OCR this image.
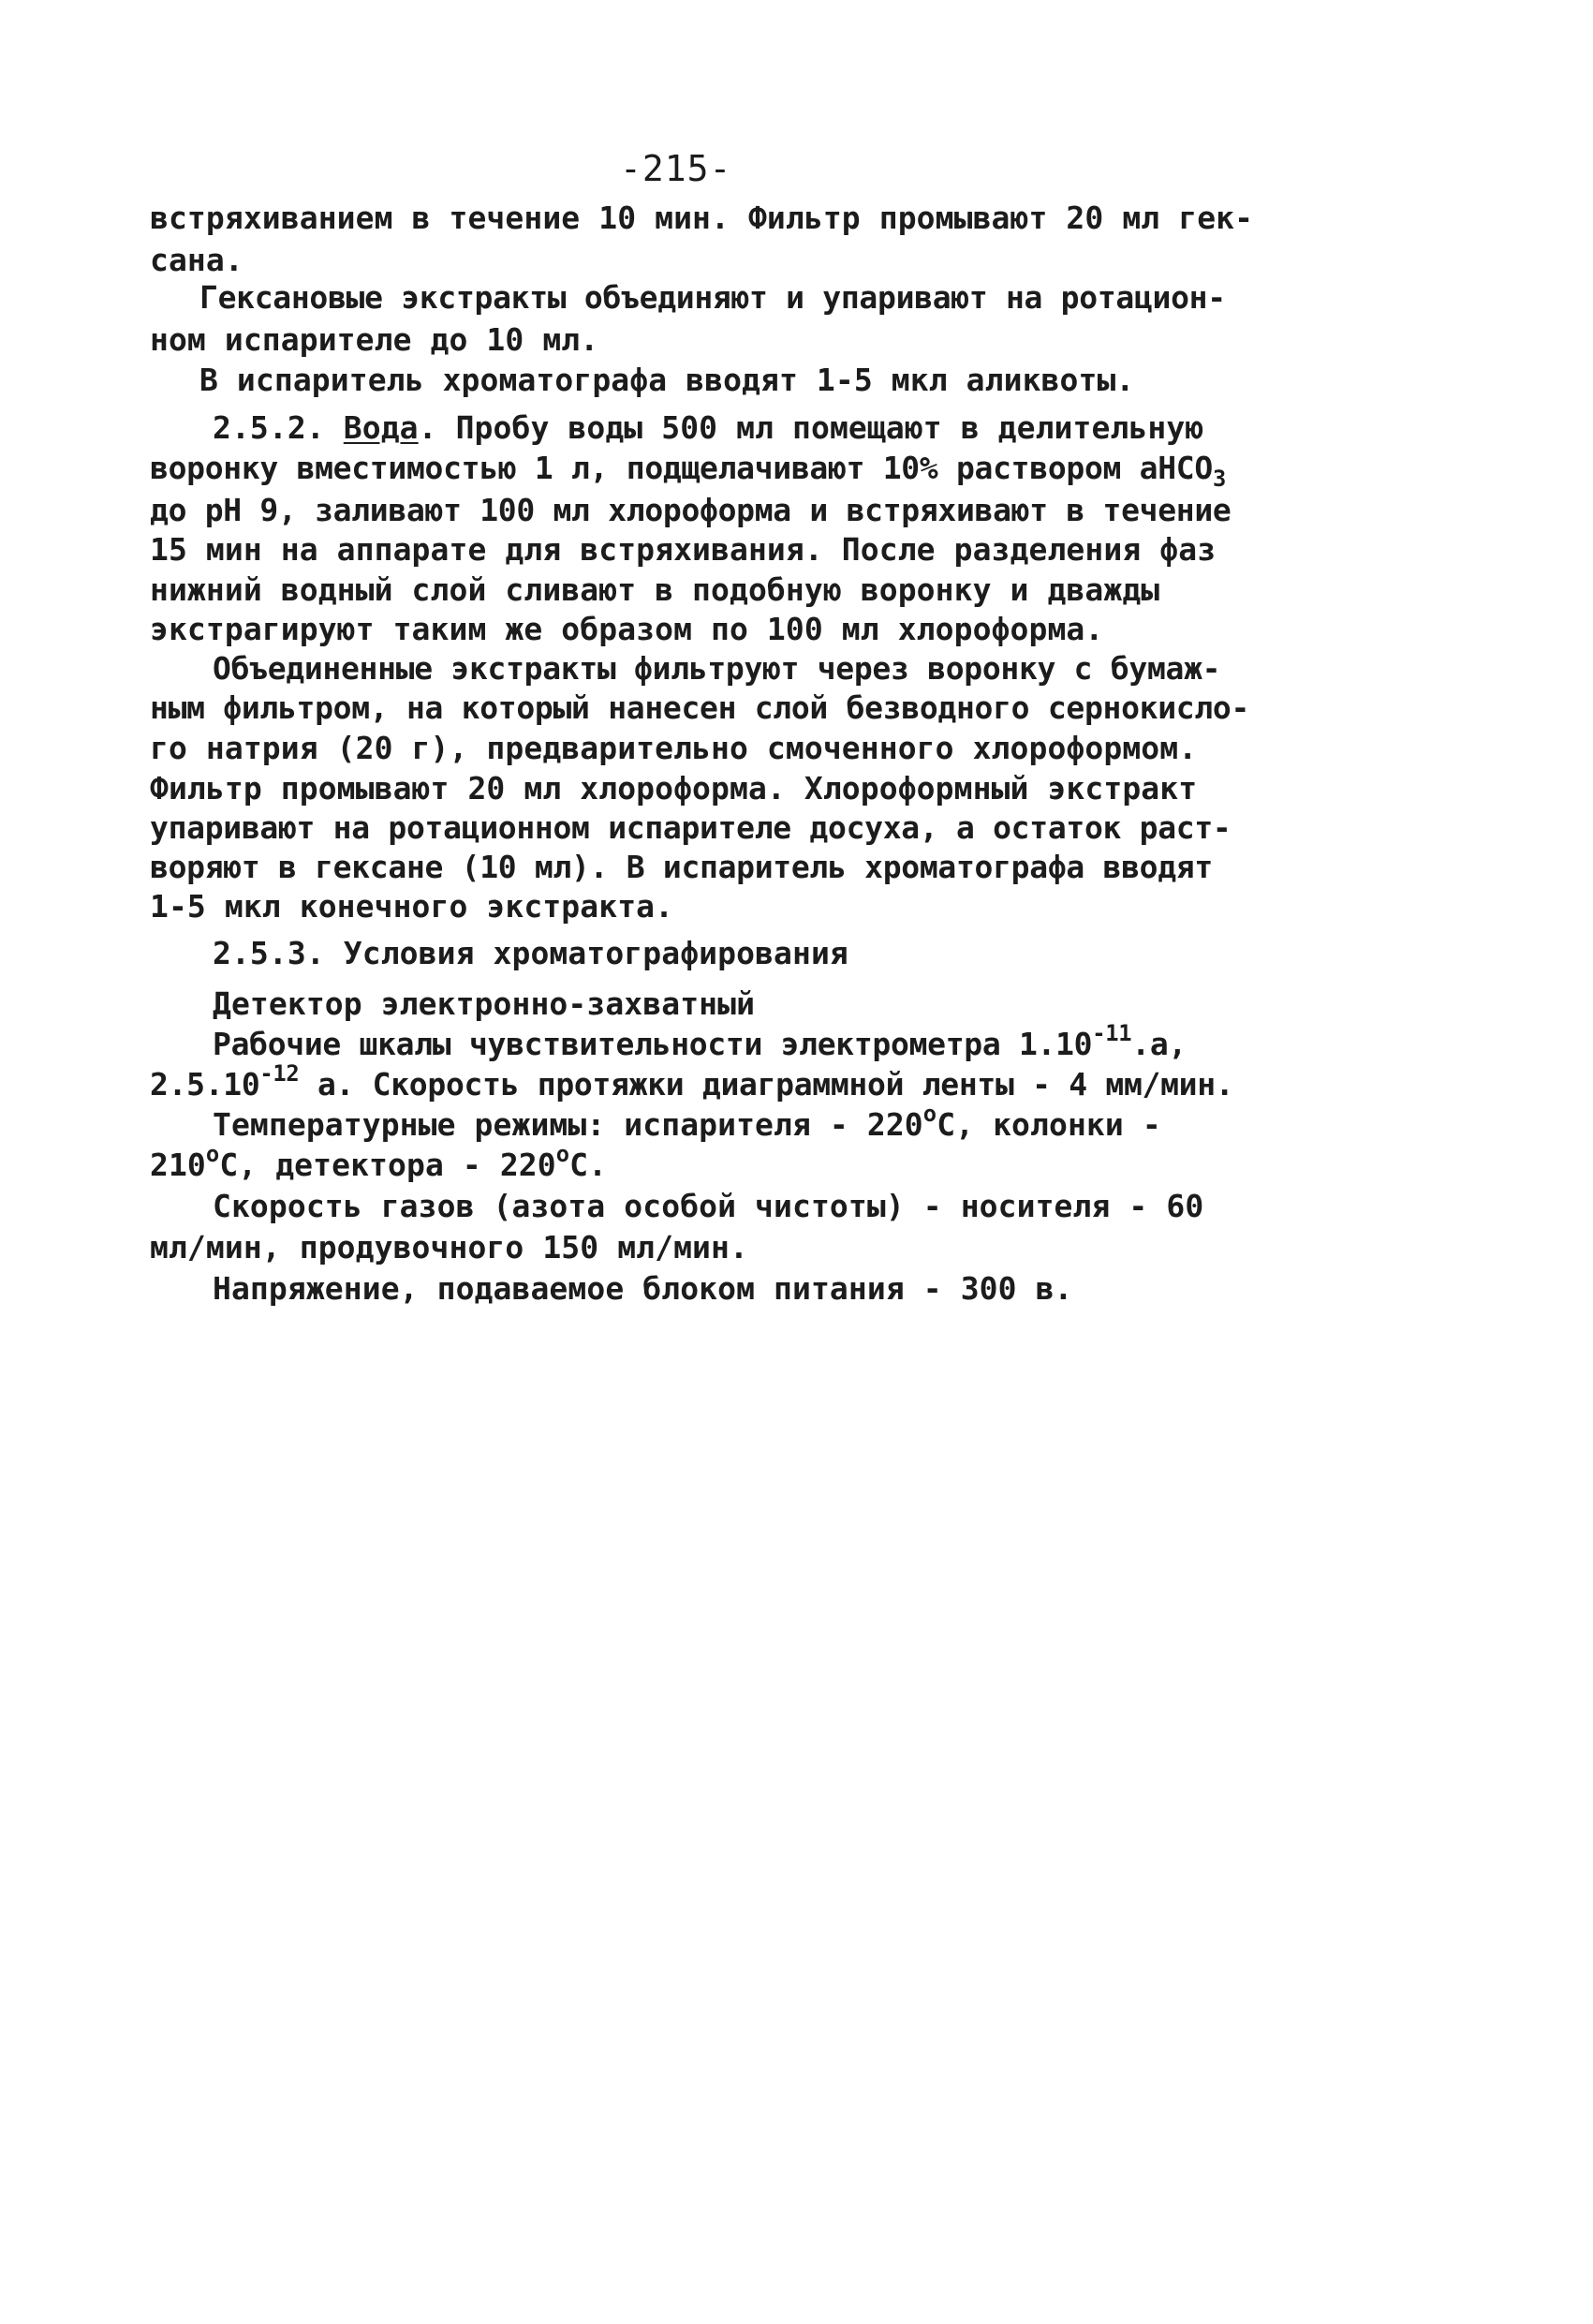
-215-
встряхиванием в течение 10 мин. Фильтр промывают 20 мл гек-
сана.
Гексановые экстракты объединяют и упаривают на ротацион-
ном испарителе до 10 мл.
В испаритель хроматографа вводят 1-5 мкл аликвоты.
2.5.2. Вода. Пробу воды 500 мл помещают в делительную
воронку вместимостью 1 л, подщелачивают 10% раствором aHCO$_3$
до рН 9, заливают 100 мл хлороформа и встряхивают в течение
15 мин на аппарате для встряхивания. После разделения фаз
нижний водный слой сливают в подобную воронку и дважды
экстрагируют таким же образом по 100 мл хлороформа.
Объединенные экстракты фильтруют через воронку с бумаж-
ным фильтром, на который нанесен слой безводного сернокисло-
го натрия (20 г), предварительно смоченного хлороформом.
Фильтр промывают 20 мл хлороформа. Хлороформный экстракт
упаривают на ротационном испарителе досуха, а остаток раст-
воряют в гексане (10 мл). В испаритель хроматографа вводят
1-5 мкл конечного экстракта.
2.5.3. Условия хроматографирования
Детектор электронно-захватный
Рабочие шкалы чувствительности электрометра $1.10^{-11}.а$,
$2.5.10^{-12}$ а. Скорость протяжки диаграммной ленты - 4 мм/мин.
Температурные режимы: испарителя - $220^оС$, колонки -
$210^оС$, детектора - $220^оС$.
Скорость газов (азота особой чистоты) - носителя - 60
мл/мин, продувочного 150 мл/мин.
Напряжение, подаваемое блоком питания - 300 в.
